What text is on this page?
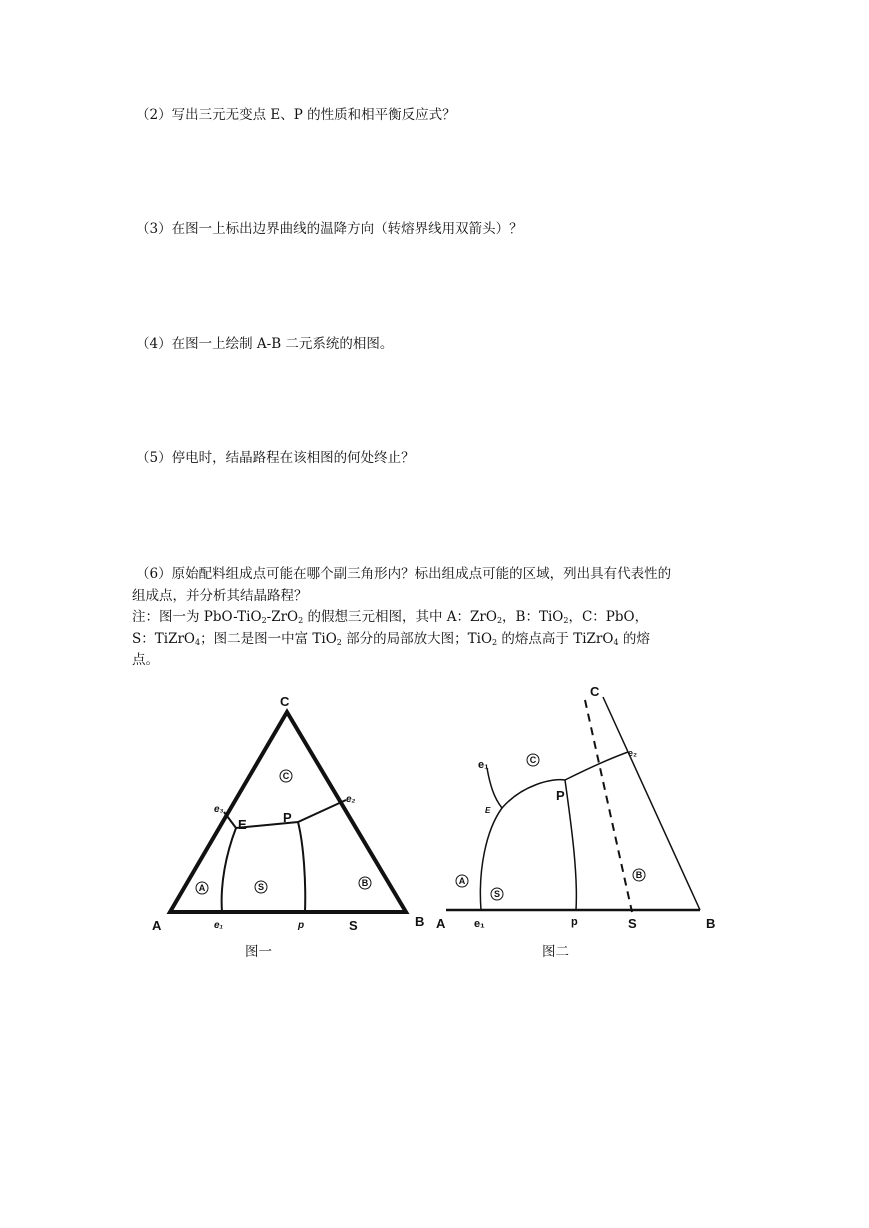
（2）写出三元无变点 E、P 的性质和相平衡反应式？
（3）在图一上标出边界曲线的温降方向（转熔界线用双箭头）？
（4）在图一上绘制 A-B 二元系统的相图。
（5）停电时，结晶路程在该相图的何处终止？

（6）原始配料组成点可能在哪个副三角形内？标出组成点可能的区域，列出具有代表性的

组成点，并分析其结晶路程？

注：图一为 PbO-TiO$_2$-ZrO$_2$ 的假想三元相图，其中 A：ZrO$_2$，B：TiO$_2$，C：PbO，

S：TiZrO$_4$；图二是图一中富 TiO$_2$ 部分的局部放大图；TiO$_2$ 的熔点高于 TiZrO$_4$ 的熔

点。

A	B
C
E	P
e₃
e₂
e₁	p	S
C
A	S	B
图一
A	B
C
P
E
e₁
e₂
e₁	p	S
C
A
S
B
图二
